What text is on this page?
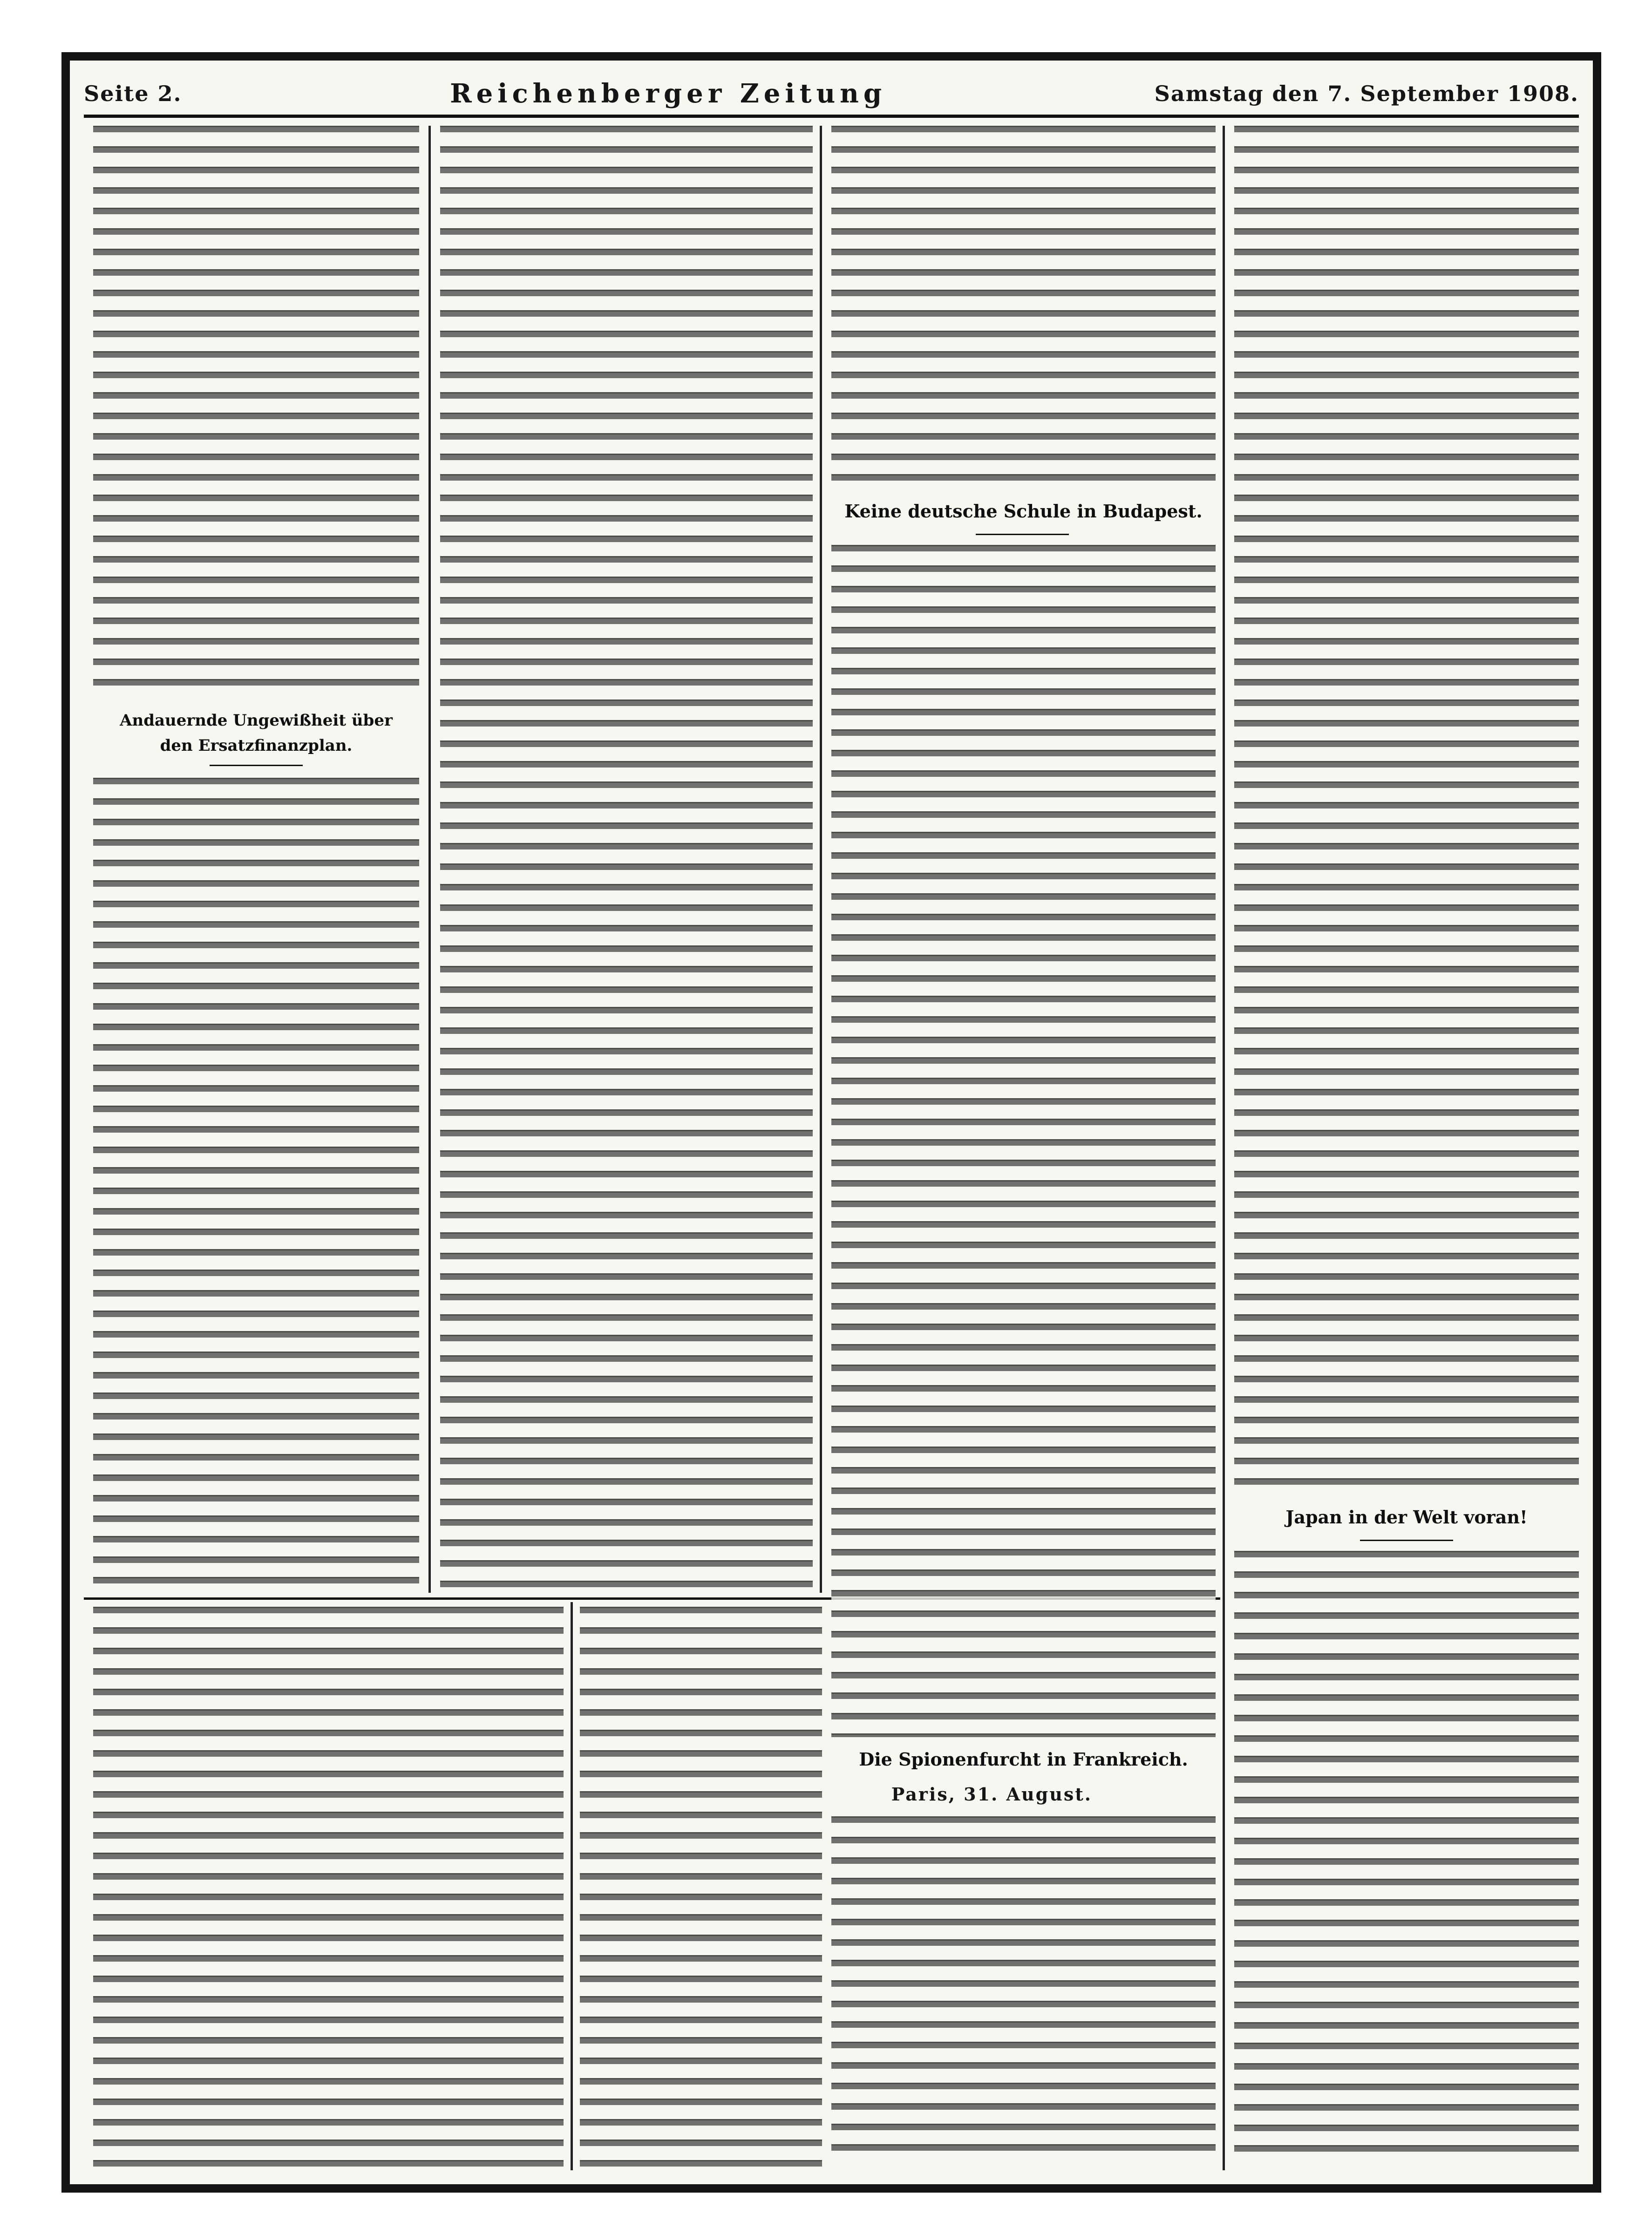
Seite 2.	Reichenberger Zeitung	Samstag den 7. September 1908.
Andauernde Ungewißheit über
den Ersatzfinanzplan.
Keine deutsche Schule in Budapest.
Die Spionenfurcht in Frankreich.
Paris, 31. August.
Japan in der Welt voran!
